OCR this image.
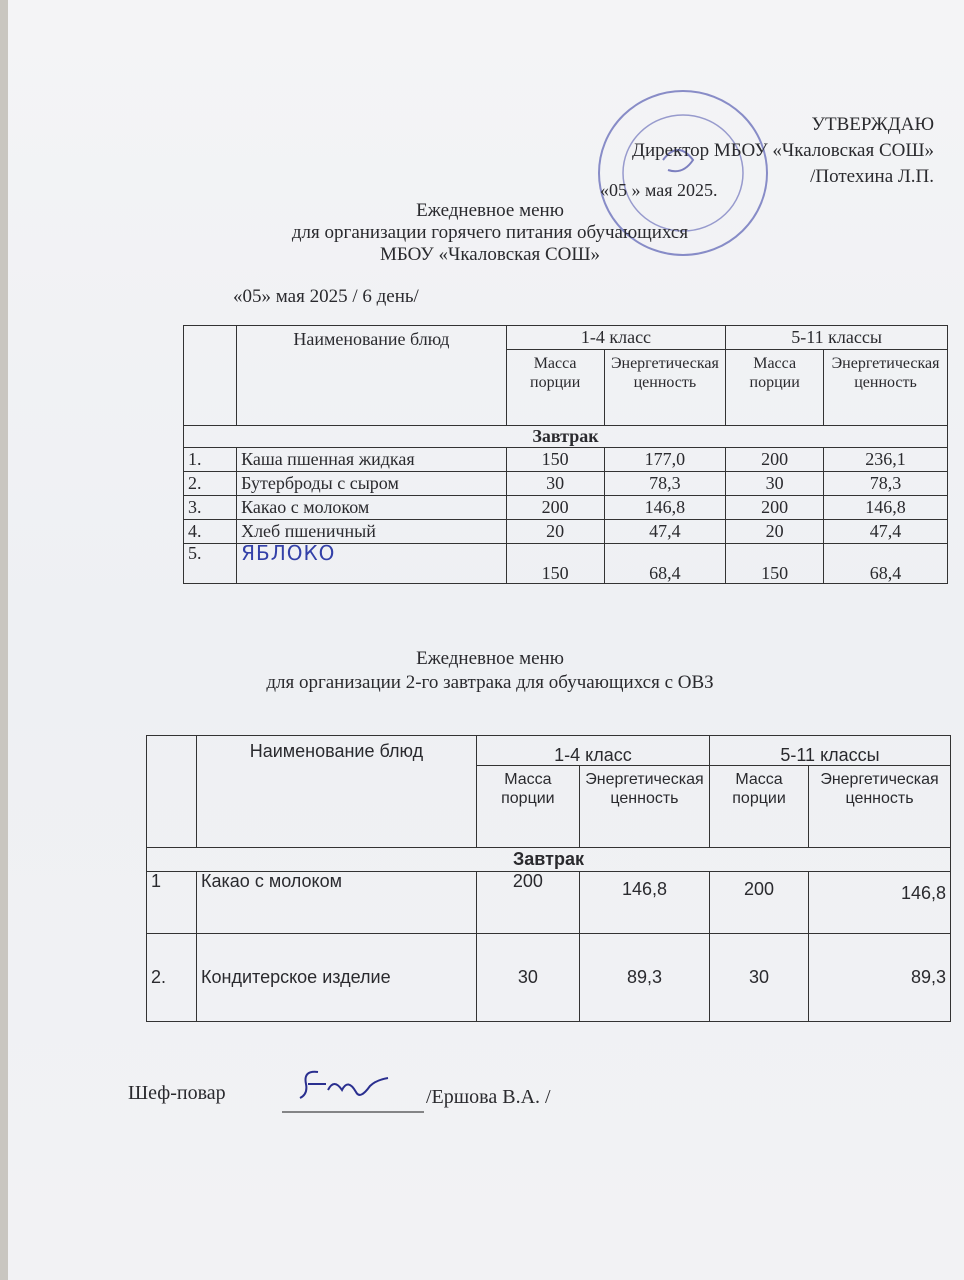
УТВЕРЖДАЮ
Директор МБОУ «Чкаловская СОШ»
/Потехина Л.П.
«05 » мая 2025.
Ежедневное меню
для организации горячего питания обучающихся
МБОУ «Чкаловская СОШ»
«05» мая 2025 / 6 день/
	Наименование блюд	1-4 класс		5-11 классы	
		Масса порции	Энергетическая ценность	Масса порции	Энергетическая ценность
Завтрак					
1.	Каша пшенная жидкая	150	177,0	200	236,1
2.	Бутерброды с сыром	30	78,3	30	78,3
3.	Какао с молоком	200	146,8	200	146,8
4.	Хлеб пшеничный	20	47,4	20	47,4
5.	ЯБЛОКО	150	68,4	150	68,4
Ежедневное меню
для организации 2-го завтрака для обучающихся с ОВЗ
	Наименование блюд	1-4 класс		5-11 классы	
		Масса порции	Энергетическая ценность	Масса порции	Энергетическая ценность
Завтрак					
1	Какао с молоком	200	146,8	200	146,8
2.	Кондитерское изделие	30	89,3	30	89,3
Шеф-повар	/Ершова В.А. /
